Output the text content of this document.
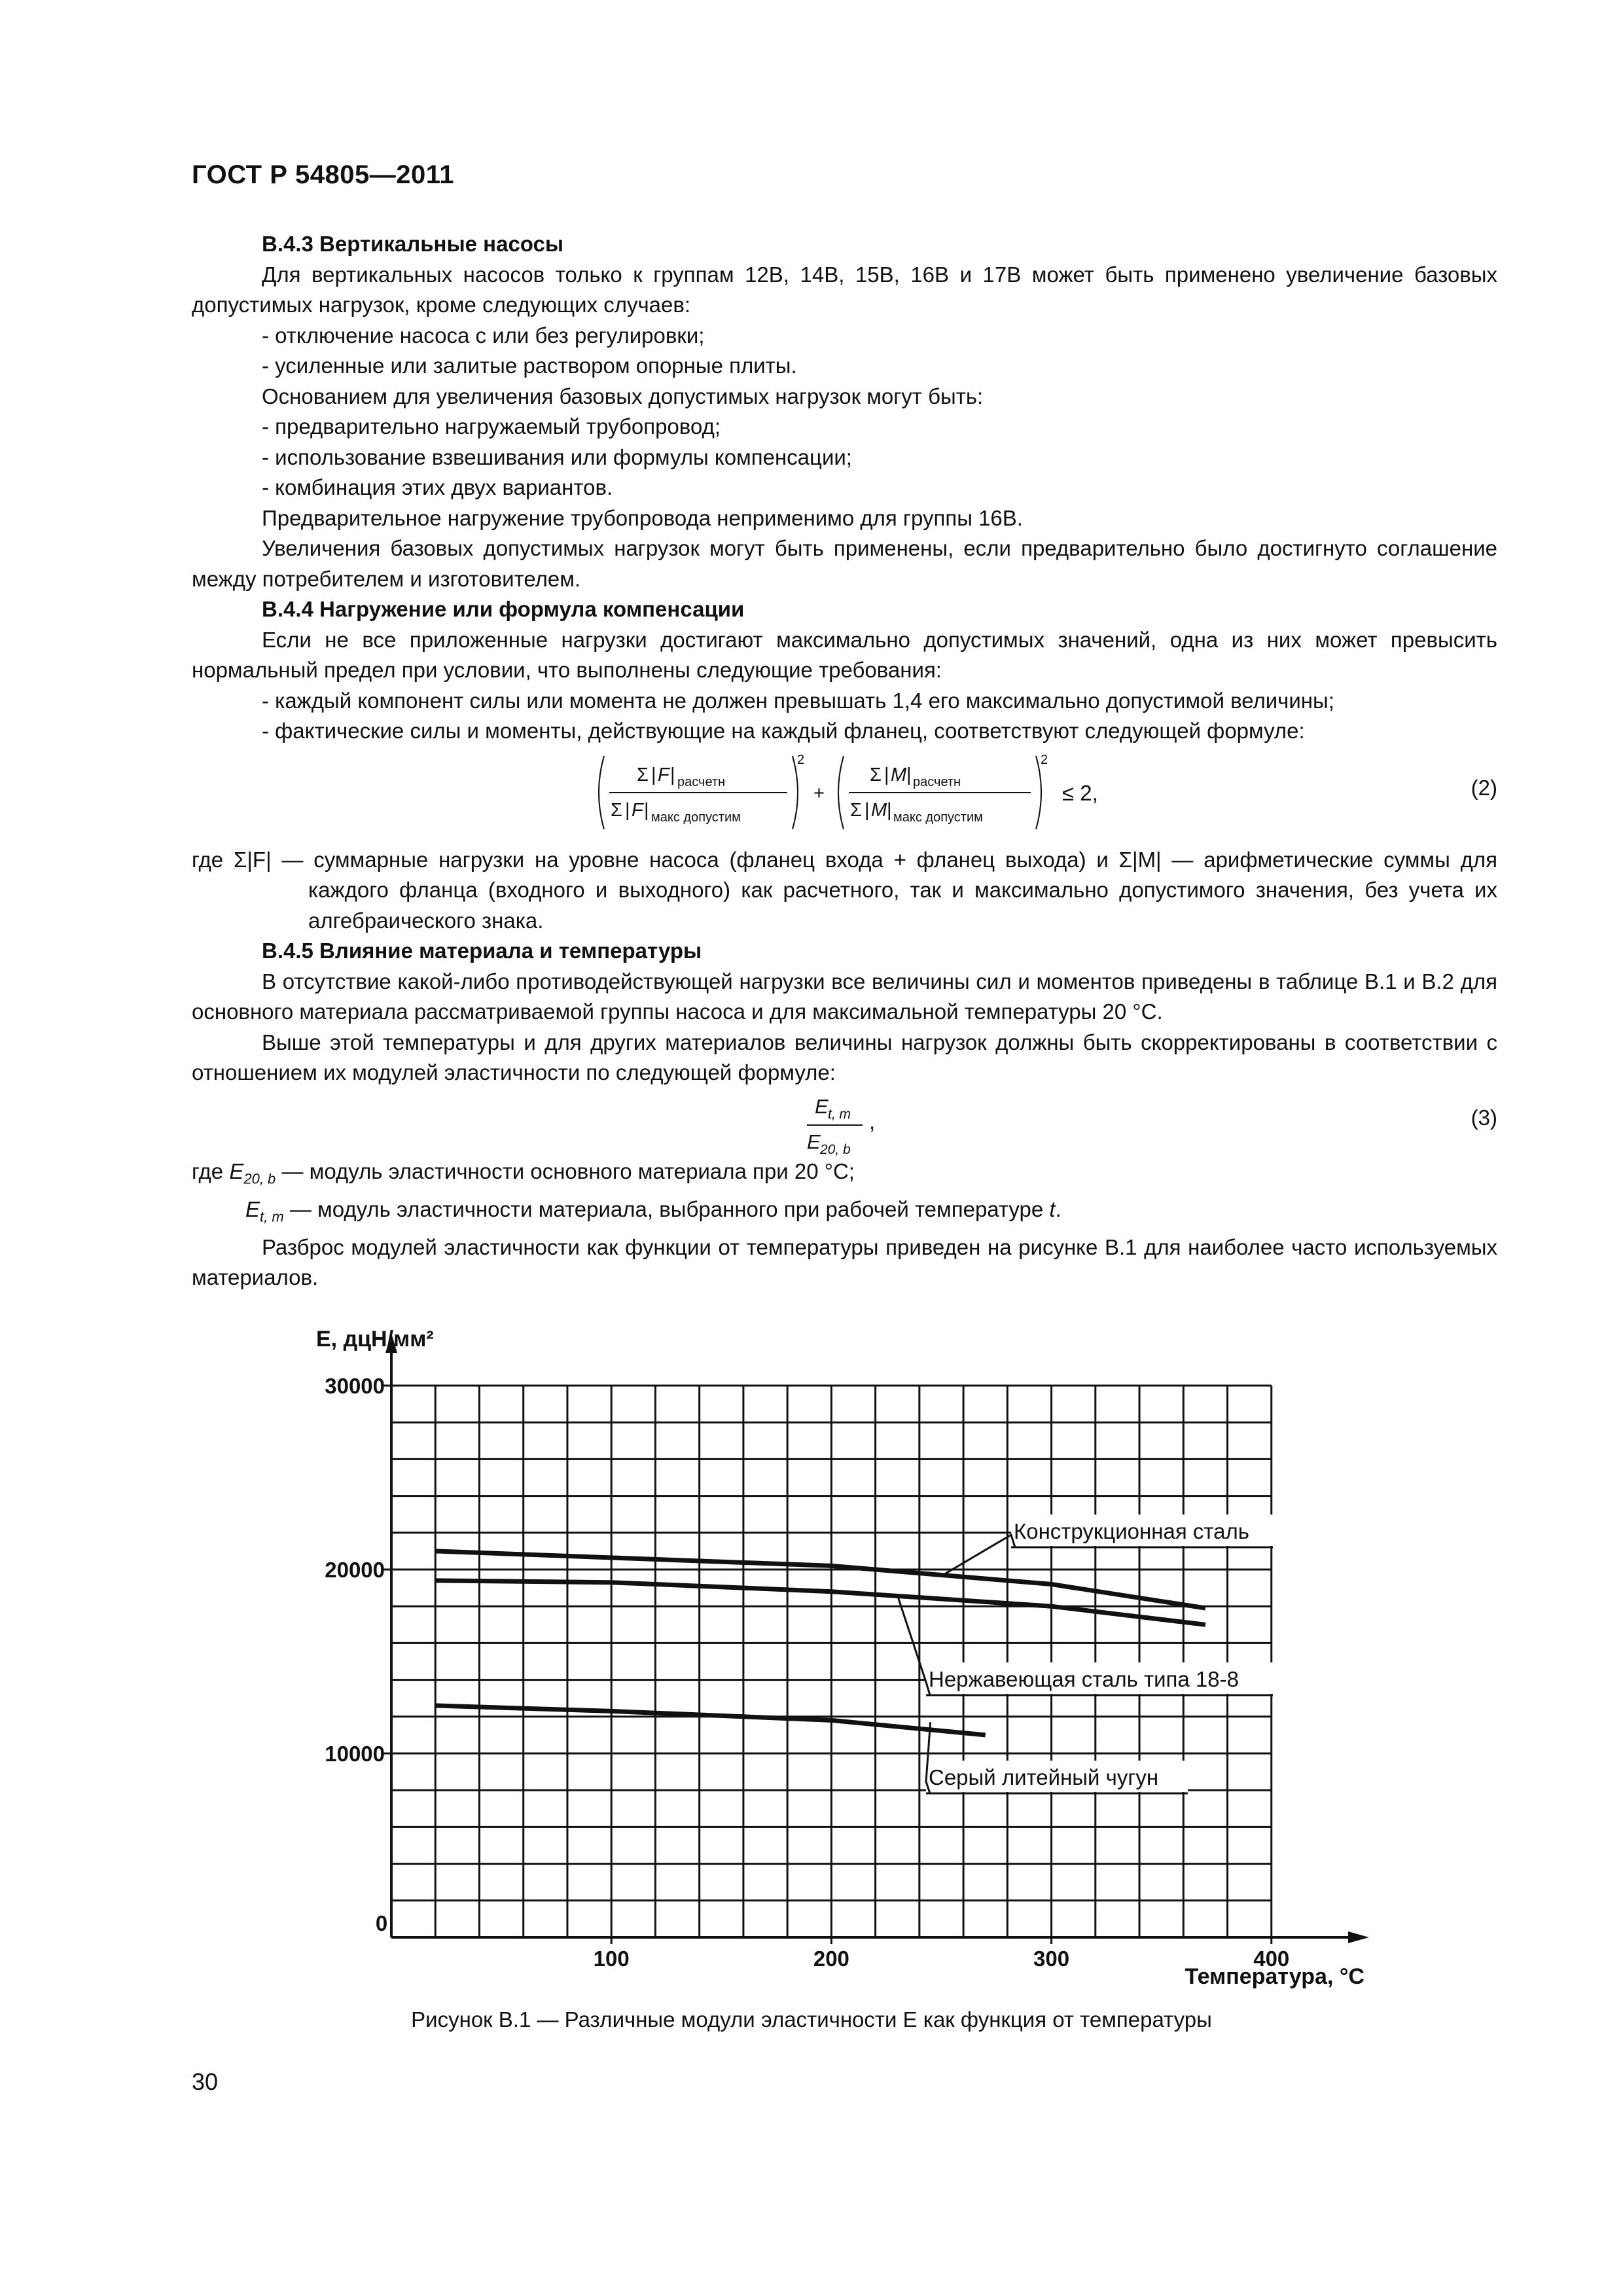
ГОСТ Р 54805—2011

В.4.3 Вертикальные насосы

Для вертикальных насосов только к группам 12В, 14В, 15В, 16В и 17В может быть применено увеличение базовых допустимых нагрузок, кроме следующих случаев:

- отключение насоса с или без регулировки;

- усиленные или залитые раствором опорные плиты.

Основанием для увеличения базовых допустимых нагрузок могут быть:

- предварительно нагружаемый трубопровод;

- использование взвешивания или формулы компенсации;

- комбинация этих двух вариантов.

Предварительное нагружение трубопровода неприменимо для группы 16В.

Увеличения базовых допустимых нагрузок могут быть применены, если предварительно было достигнуто соглашение между потребителем и изготовителем.

В.4.4 Нагружение или формула компенсации

Если не все приложенные нагрузки достигают максимально допустимых значений, одна из них может превысить нормальный предел при условии, что выполнены следующие требования:

- каждый компонент силы или момента не должен превышать 1,4 его максимально допустимой величины;

- фактические силы и моменты, действующие на каждый фланец, соответствуют следующей формуле:

Σ | F | расчетн
Σ | F | макс допустим
2
+
Σ | M | расчетн
Σ | M | макс допустим
2
≤ 2,	(2)

где Σ|F| — суммарные нагрузки на уровне насоса (фланец входа + фланец выхода) и Σ|M| — арифметические суммы для каждого фланца (входного и выходного) как расчетного, так и максимально допустимого значения, без учета их алгебраического знака.

В.4.5 Влияние материала и температуры

В отсутствие какой-либо противодействующей нагрузки все величины сил и моментов приведены в таблице В.1 и В.2 для основного материала рассматриваемой группы насоса и для максимальной температуры 20 °С.

Выше этой температуры и для других материалов величины нагрузок должны быть скорректированы в соответствии с отношением их модулей эластичности по следующей формуле:

E t, m
E 20, b
,	(3)

где $E_{20, b}$ — модуль эластичности основного материала при 20 °С;

$E_{t, m}$ — модуль эластичности материала, выбранного при рабочей температуре t.

Разброс модулей эластичности как функции от температуры приведен на рисунке В.1 для наиболее часто используемых материалов.

100	200	300	400
30000
20000
10000
0
E, дцН/мм²
Температура, °С
Конструкционная сталь
Нержавеющая сталь типа 18-8
Серый литейный чугун
Рисунок В.1 — Различные модули эластичности E как функция от температуры
30
